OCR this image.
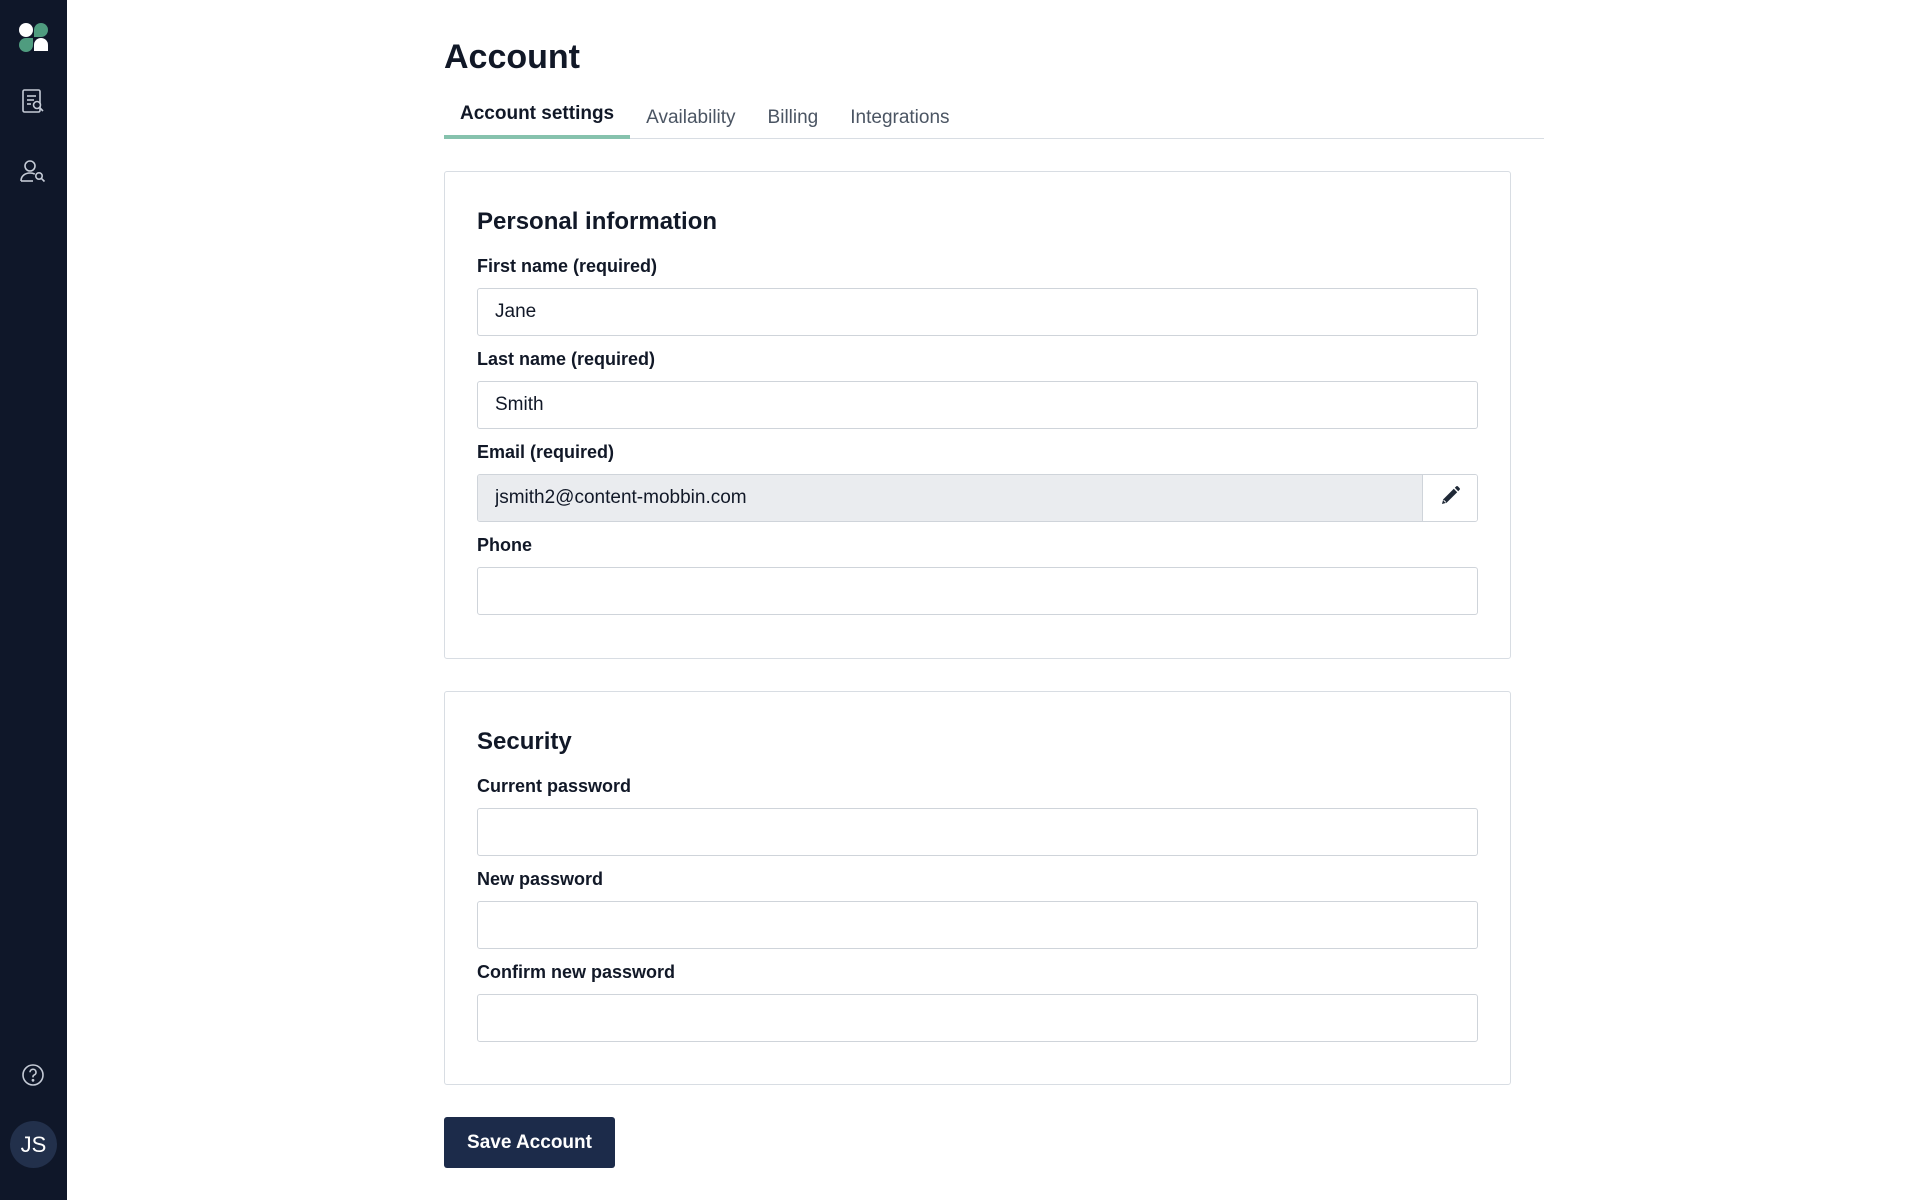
JS
Account
Account settings Availability Billing Integrations
Personal information
First name (required)
Jane
Last name (required)
Smith
Email (required)
jsmith2@content-mobbin.com
Phone
Security
Current password
New password
Confirm new password
Save Account
